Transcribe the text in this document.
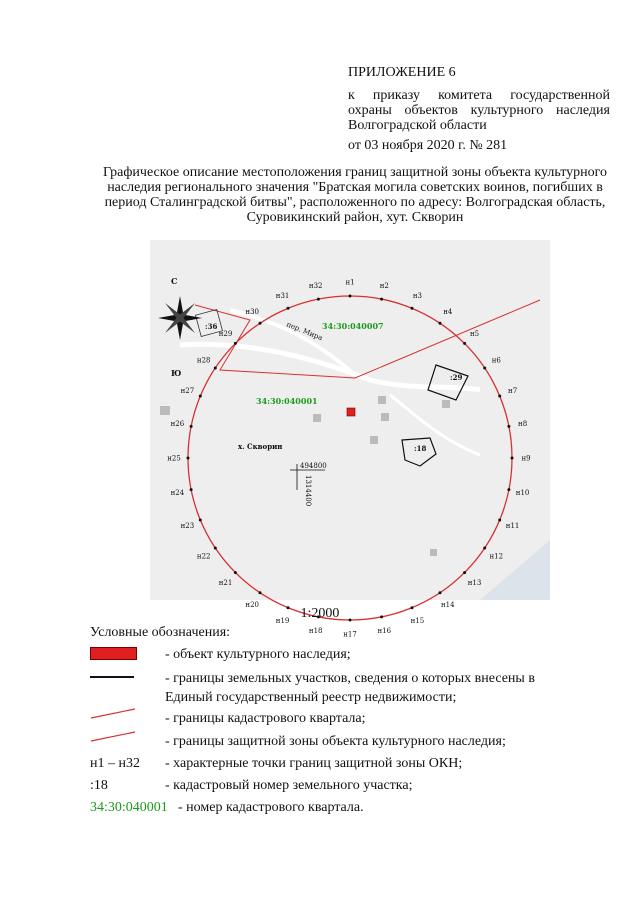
ПРИЛОЖЕНИЕ 6
к приказу комитета государственной охраны объектов культурного наследия Волгоградской области
от 03 ноября 2020 г. № 281
Графическое описание местоположения границ защитной зоны объекта культурного наследия регионального значения "Братская могила советских воинов, погибших в период Сталинградской битвы", расположенного по адресу: Волгоградская область, Суровикинский район, хут. Скворин
494800
1314400
34:30:040007
34:30:040001
х. Скворин
пер. Мира
:36
:29
:18
С
Ю
н1	н2
н3
н4
н5
н6
н7
н8
н9
н10
н11
н12
н13
н14
н15
н16
н17
н18
н19
н20
н21
н22
н23
н24
н25
н26
н27
н28
н29
н30
н31
н32
1:2000
Условные обозначения:
- объект культурного наследия;
- границы земельных участков, сведения о которых внесены в Единый государственный реестр недвижимости;
- границы кадастрового квартала;
- границы защитной зоны объекта культурного наследия;
н1 – н32 - характерные точки границ защитной зоны ОКН;
:18	- кадастровый номер земельного участка;
34:30:040001 - номер кадастрового квартала.
